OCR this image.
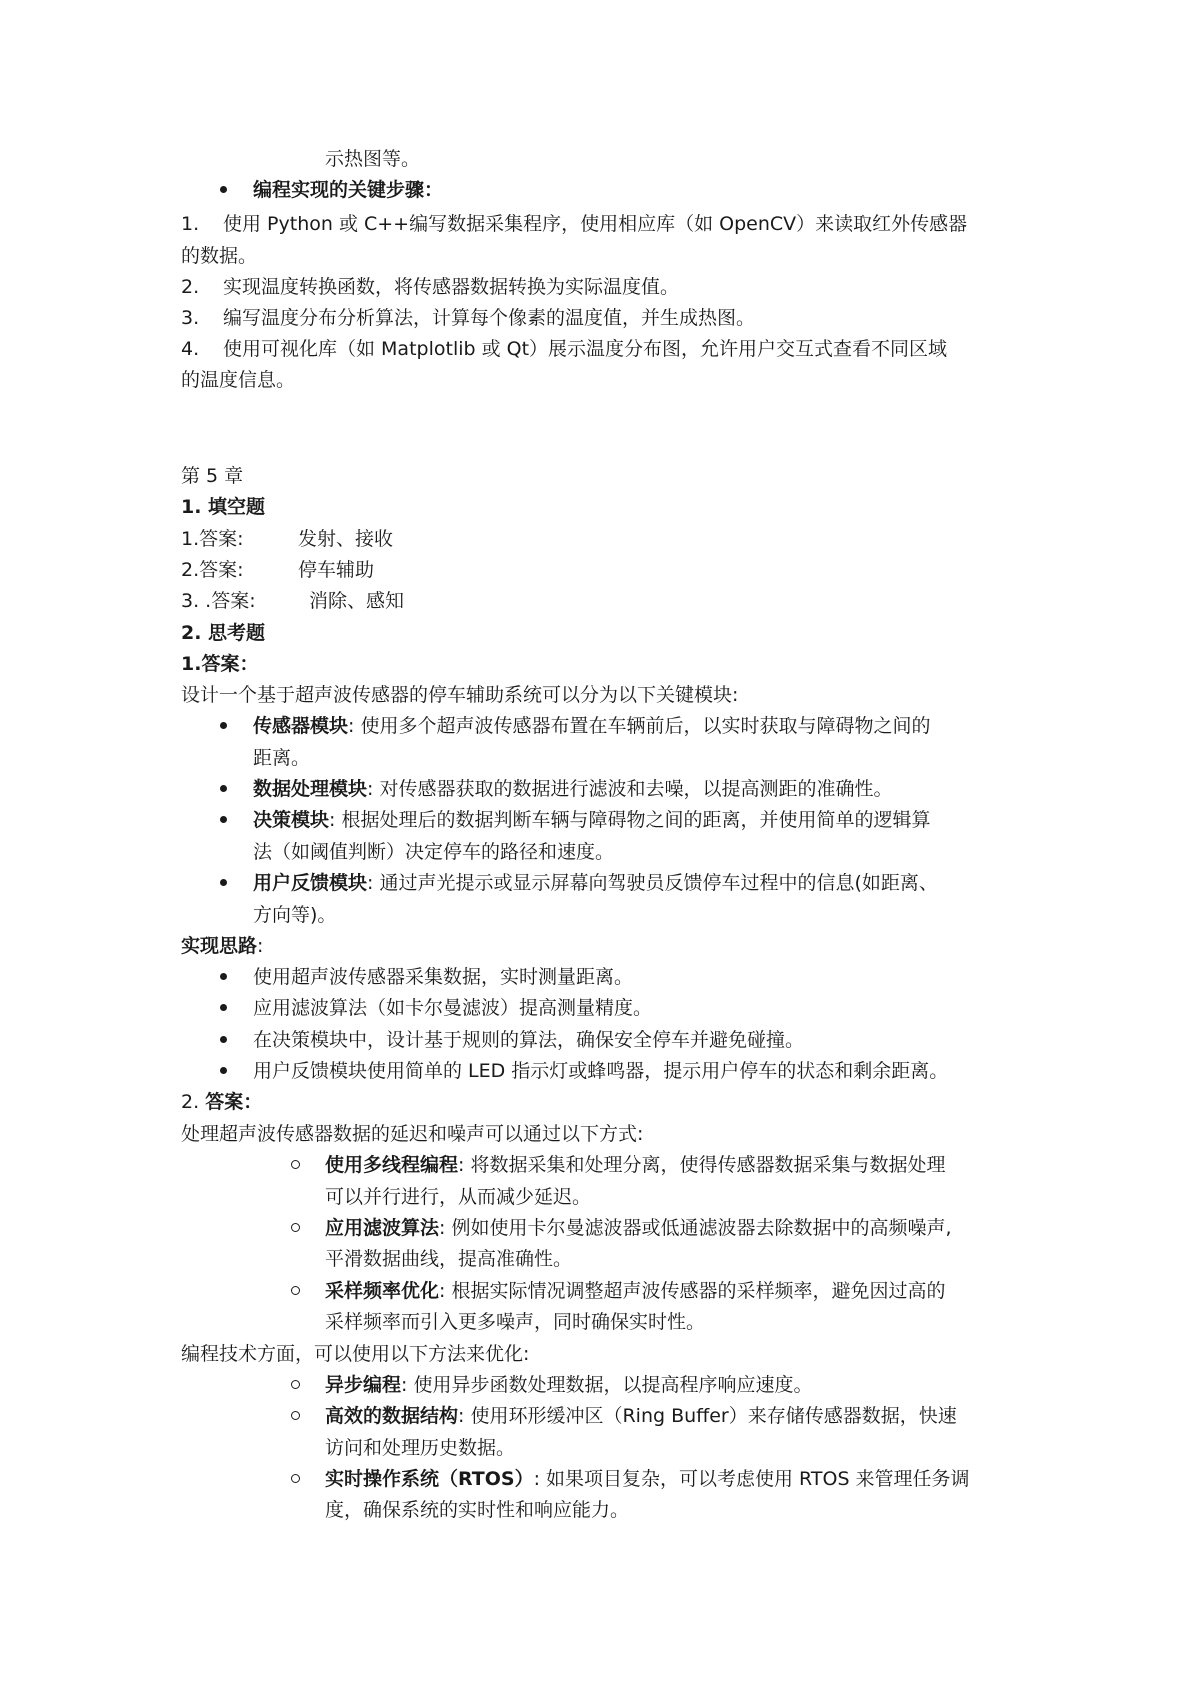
示热图等。
编程实现的关键步骤：
1. 使用 Python 或 C++编写数据采集程序，使用相应库（如 OpenCV）来读取红外传感器
的数据。
2. 实现温度转换函数，将传感器数据转换为实际温度值。
3. 编写温度分布分析算法，计算每个像素的温度值，并生成热图。
4. 使用可视化库（如 Matplotlib 或 Qt）展示温度分布图，允许用户交互式查看不同区域
的温度信息。
第 5 章
1. 填空题
1.答案:	发射、接收
2.答案:	停车辅助
3. .答案:	消除、感知
2. 思考题
1.答案：
设计一个基于超声波传感器的停车辅助系统可以分为以下关键模块:
传感器模块: 使用多个超声波传感器布置在车辆前后，以实时获取与障碍物之间的
距离。
数据处理模块: 对传感器获取的数据进行滤波和去噪，以提高测距的准确性。
决策模块: 根据处理后的数据判断车辆与障碍物之间的距离，并使用简单的逻辑算
法（如阈值判断）决定停车的路径和速度。
用户反馈模块: 通过声光提示或显示屏幕向驾驶员反馈停车过程中的信息(如距离、
方向等)。
实现思路:
使用超声波传感器采集数据，实时测量距离。
应用滤波算法（如卡尔曼滤波）提高测量精度。
在决策模块中，设计基于规则的算法，确保安全停车并避免碰撞。
用户反馈模块使用简单的 LED 指示灯或蜂鸣器，提示用户停车的状态和剩余距离。
2. 答案：
处理超声波传感器数据的延迟和噪声可以通过以下方式:
使用多线程编程: 将数据采集和处理分离，使得传感器数据采集与数据处理
可以并行进行，从而减少延迟。
应用滤波算法: 例如使用卡尔曼滤波器或低通滤波器去除数据中的高频噪声,
平滑数据曲线，提高准确性。
采样频率优化: 根据实际情况调整超声波传感器的采样频率，避免因过高的
采样频率而引入更多噪声，同时确保实时性。
编程技术方面，可以使用以下方法来优化:
异步编程: 使用异步函数处理数据，以提高程序响应速度。
高效的数据结构: 使用环形缓冲区（Ring Buffer）来存储传感器数据，快速
访问和处理历史数据。
实时操作系统（RTOS）: 如果项目复杂，可以考虑使用 RTOS 来管理任务调
度，确保系统的实时性和响应能力。
